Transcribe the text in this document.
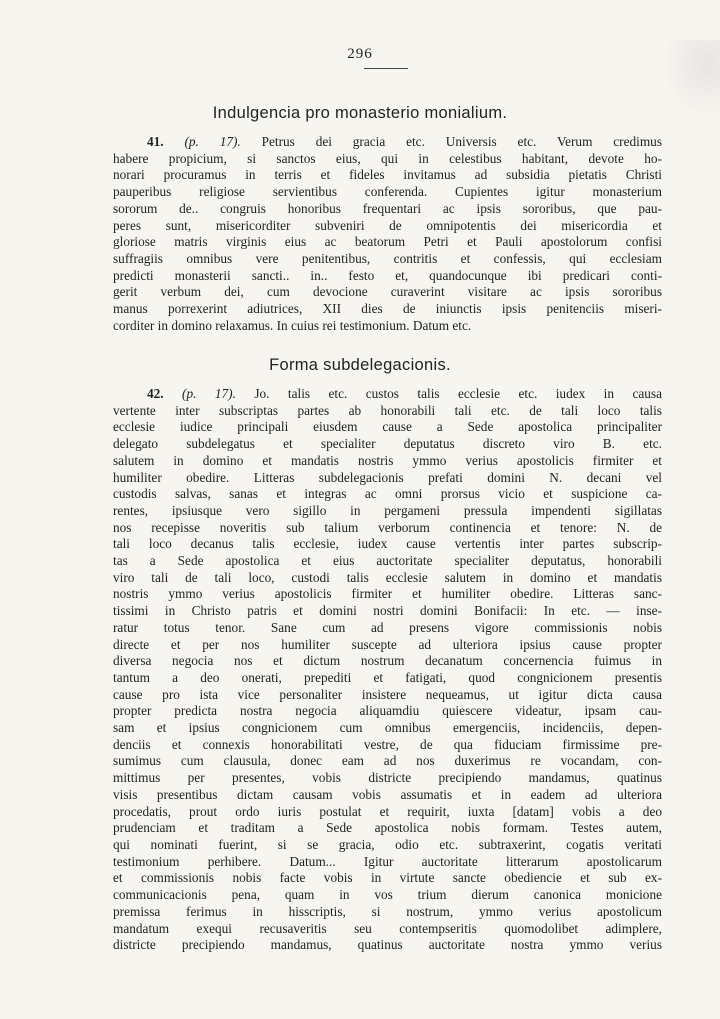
296
Indulgencia pro monasterio monialium.
41. (p. 17). Petrus dei gracia etc. Universis etc. Verum credimus
habere propicium, si sanctos eius, qui in celestibus habitant, devote ho-
norari procuramus in terris et fideles invitamus ad subsidia pietatis Christi
pauperibus religiose servientibus conferenda. Cupientes igitur monasterium
sororum de.. congruis honoribus frequentari ac ipsis sororibus, que pau-
peres sunt, misericorditer subveniri de omnipotentis dei misericordia et
gloriose matris virginis eius ac beatorum Petri et Pauli apostolorum confisi
suffragiis omnibus vere penitentibus, contritis et confessis, qui ecclesiam
predicti monasterii sancti.. in.. festo et, quandocunque ibi predicari conti-
gerit verbum dei, cum devocione curaverint visitare ac ipsis sororibus
manus porrexerint adiutrices, XII dies de iniunctis ipsis penitenciis miseri-
corditer in domino relaxamus. In cuius rei testimonium. Datum etc.
Forma subdelegacionis.
42. (p. 17). Jo. talis etc. custos talis ecclesie etc. iudex in causa
vertente inter subscriptas partes ab honorabili tali etc. de tali loco talis
ecclesie iudice principali eiusdem cause a Sede apostolica principaliter
delegato subdelegatus et specialiter deputatus discreto viro B. etc.
salutem in domino et mandatis nostris ymmo verius apostolicis firmiter et
humiliter obedire. Litteras subdelegacionis prefati domini N. decani vel
custodis salvas, sanas et integras ac omni prorsus vicio et suspicione ca-
rentes, ipsiusque vero sigillo in pergameni pressula impendenti sigillatas
nos recepisse noveritis sub talium verborum continencia et tenore: N. de
tali loco decanus talis ecclesie, iudex cause vertentis inter partes subscrip-
tas a Sede apostolica et eius auctoritate specialiter deputatus, honorabili
viro tali de tali loco, custodi talis ecclesie salutem in domino et mandatis
nostris ymmo verius apostolicis firmiter et humiliter obedire. Litteras sanc-
tissimi in Christo patris et domini nostri domini Bonifacii: In etc. — inse-
ratur totus tenor. Sane cum ad presens vigore commissionis nobis
directe et per nos humiliter suscepte ad ulteriora ipsius cause propter
diversa negocia nos et dictum nostrum decanatum concernencia fuimus in
tantum a deo onerati, prepediti et fatigati, quod congnicionem presentis
cause pro ista vice personaliter insistere nequeamus, ut igitur dicta causa
propter predicta nostra negocia aliquamdiu quiescere videatur, ipsam cau-
sam et ipsius congnicionem cum omnibus emergenciis, incidenciis, depen-
denciis et connexis honorabilitati vestre, de qua fiduciam firmissime pre-
sumimus cum clausula, donec eam ad nos duxerimus re vocandam, con-
mittimus per presentes, vobis districte precipiendo mandamus, quatinus
visis presentibus dictam causam vobis assumatis et in eadem ad ulteriora
procedatis, prout ordo iuris postulat et requirit, iuxta [datam] vobis a deo
prudenciam et traditam a Sede apostolica nobis formam. Testes autem,
qui nominati fuerint, si se gracia, odio etc. subtraxerint, cogatis veritati
testimonium perhibere. Datum... Igitur auctoritate litterarum apostolicarum
et commissionis nobis facte vobis in virtute sancte obediencie et sub ex-
communicacionis pena, quam in vos trium dierum canonica monicione
premissa ferimus in hisscriptis, si nostrum, ymmo verius apostolicum
mandatum exequi recusaveritis seu contempseritis quomodolibet adimplere,
districte precipiendo mandamus, quatinus auctoritate nostra ymmo verius
